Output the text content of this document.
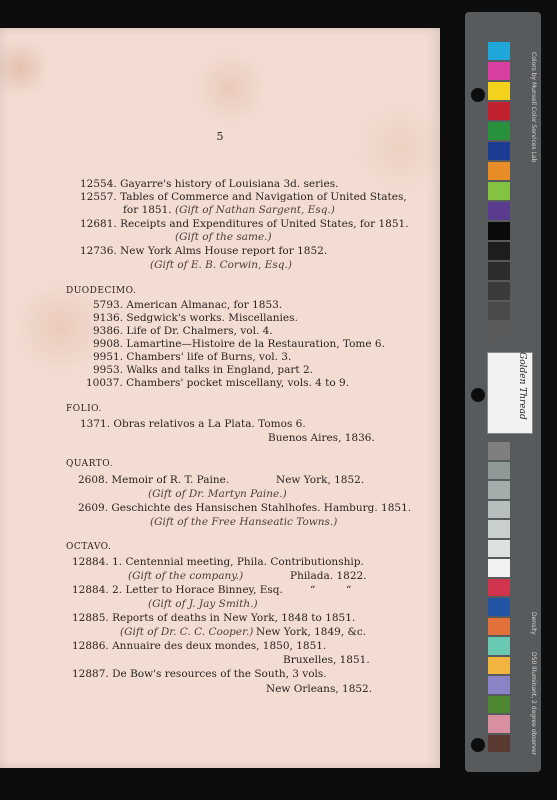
5
12554. Gayarre's history of Louisiana 3d. series.
12557. Tables of Commerce and Navigation of United States,
for 1851. (Gift of Nathan Sargent, Esq.)
12681. Receipts and Expenditures of United States, for 1851.
(Gift of the same.)
12736. New York Alms House report for 1852.
(Gift of E. B. Corwin, Esq.)
DUODECIMO.
5793. American Almanac, for 1853.
9136. Sedgwick's works. Miscellanies.
9386. Life of Dr. Chalmers, vol. 4.
9908. Lamartine—Histoire de la Restauration, Tome 6.
9951. Chambers' life of Burns, vol. 3.
9953. Walks and talks in England, part 2.
10037. Chambers' pocket miscellany, vols. 4 to 9.
FOLIO.
1371. Obras relativos a La Plata. Tomos 6.
Buenos Aires, 1836.
QUARTO.
2608. Memoir of R. T. Paine.	New York, 1852.
(Gift of Dr. Martyn Paine.)
2609. Geschichte des Hansischen Stahlhofes. Hamburg. 1851.
(Gift of the Free Hanseatic Towns.)
OCTAVO.
12884. 1. Centennial meeting, Phila. Contributionship.
(Gift of the company.)	Philada. 1822.
12884. 2. Letter to Horace Binney, Esq.	“	“
(Gift of J. Jay Smith.)
12885. Reports of deaths in New York, 1848 to 1851.
(Gift of Dr. C. C. Cooper.) New York, 1849, &c.
12886. Annuaire des deux mondes, 1850, 1851.
Bruxelles, 1851.
12887. De Bow's resources of the South, 3 vols.
New Orleans, 1852.
Colors by Munsell Color Services Lab
Density
D50 Illuminant, 2 degree observer
Golden Thread
